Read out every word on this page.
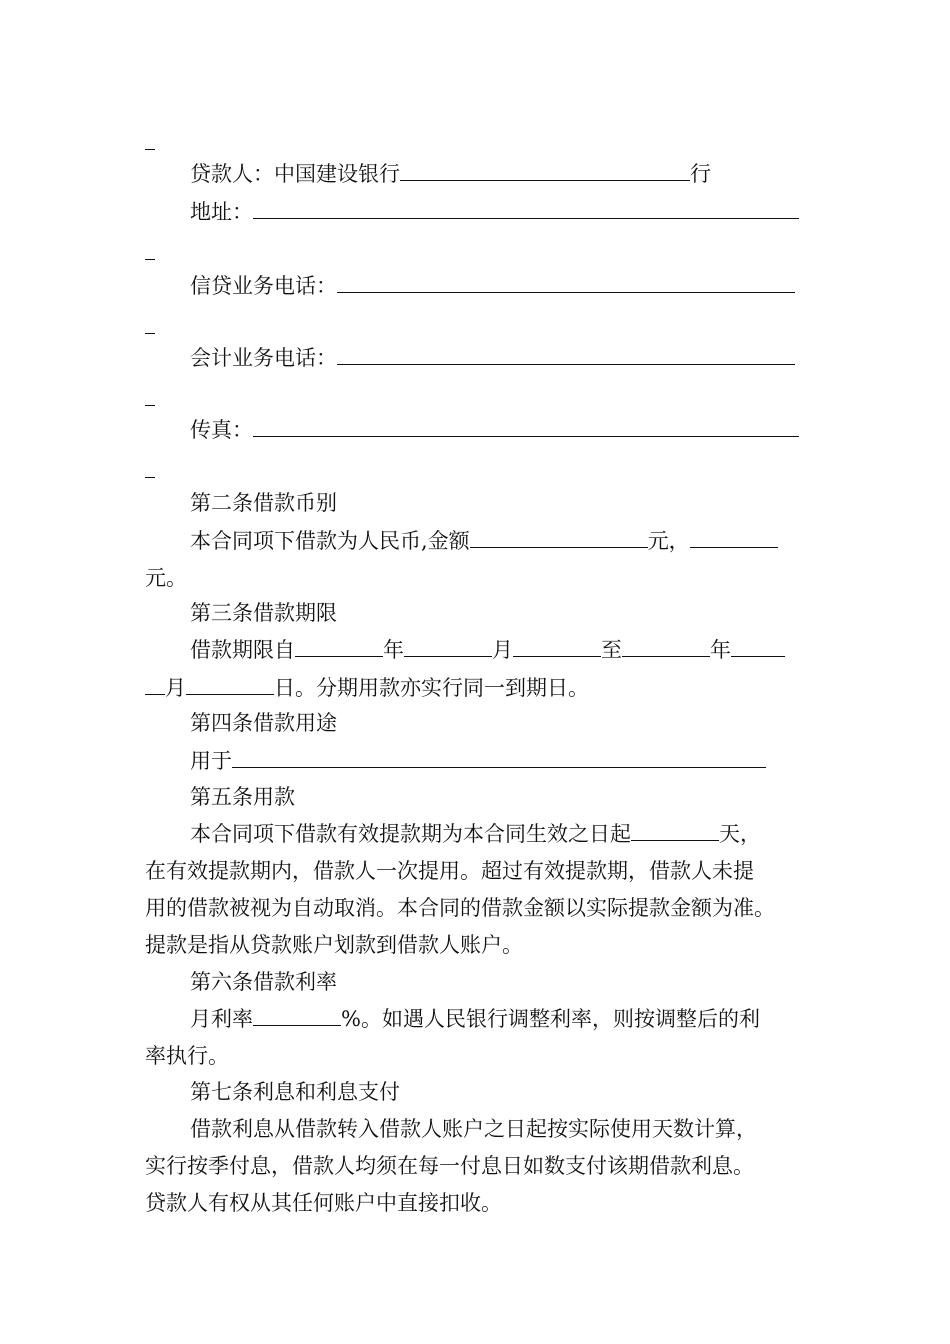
贷款人：中国建设银行	行
地址：
信贷业务电话：
会计业务电话：
传真：
第二条借款币别
本合同项下借款为人民币,金额	元，
元。
第三条借款期限
借款期限自	年	月	至	年
月	日。分期用款亦实行同一到期日。
第四条借款用途
用于
第五条用款
本合同项下借款有效提款期为本合同生效之日起	天，
在有效提款期内，借款人一次提用。超过有效提款期，借款人未提
用的借款被视为自动取消。本合同的借款金额以实际提款金额为准。
提款是指从贷款账户划款到借款人账户。
第六条借款利率
月利率	%。如遇人民银行调整利率，则按调整后的利
率执行。
第七条利息和利息支付
借款利息从借款转入借款人账户之日起按实际使用天数计算，
实行按季付息，借款人均须在每一付息日如数支付该期借款利息。
贷款人有权从其任何账户中直接扣收。
